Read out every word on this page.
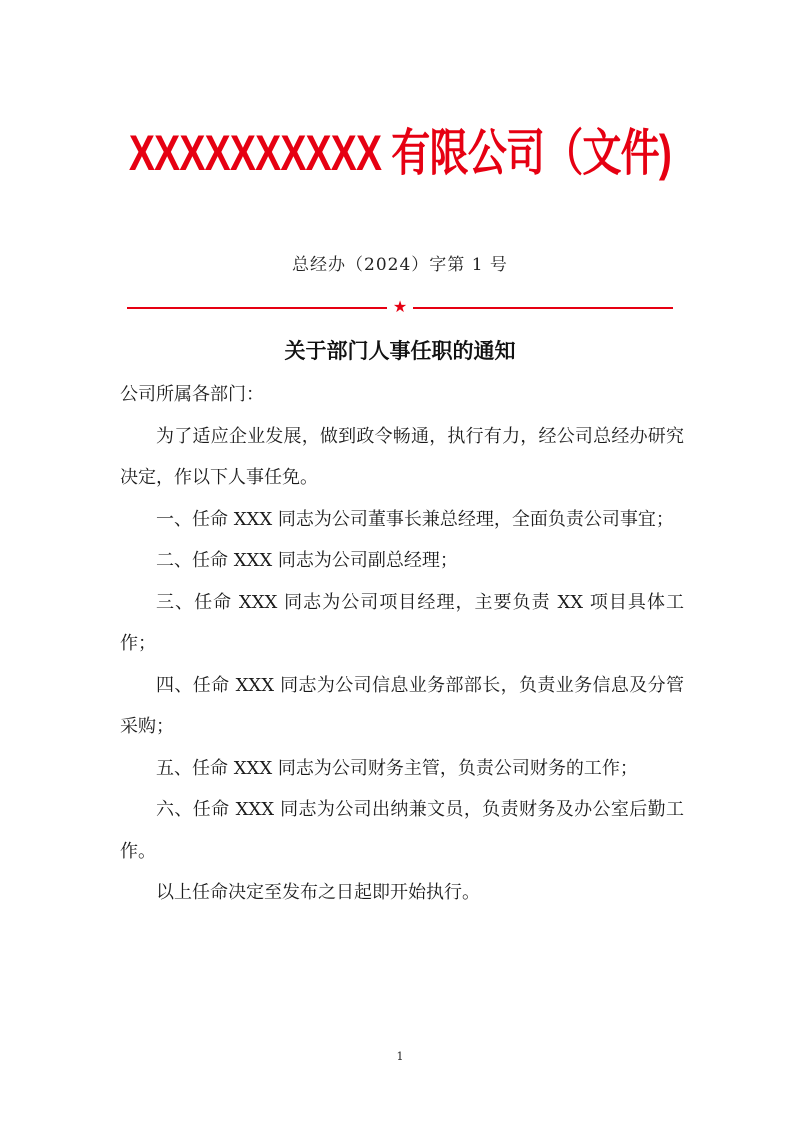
XXXXXXXXXX 有限公司（文件)
总经办（2024）字第 1 号
★
关于部门人事任职的通知

公司所属各部门：

为了适应企业发展，做到政令畅通，执行有力，经公司总经办研究决定，作以下人事任免。

一、任命 XXX 同志为公司董事长兼总经理，全面负责公司事宜；

二、任命 XXX 同志为公司副总经理；

三、任命 XXX 同志为公司项目经理，主要负责 XX 项目具体工作；

四、任命 XXX 同志为公司信息业务部部长，负责业务信息及分管采购；

五、任命 XXX 同志为公司财务主管，负责公司财务的工作；

六、任命 XXX 同志为公司出纳兼文员，负责财务及办公室后勤工作。

以上任命决定至发布之日起即开始执行。

1
